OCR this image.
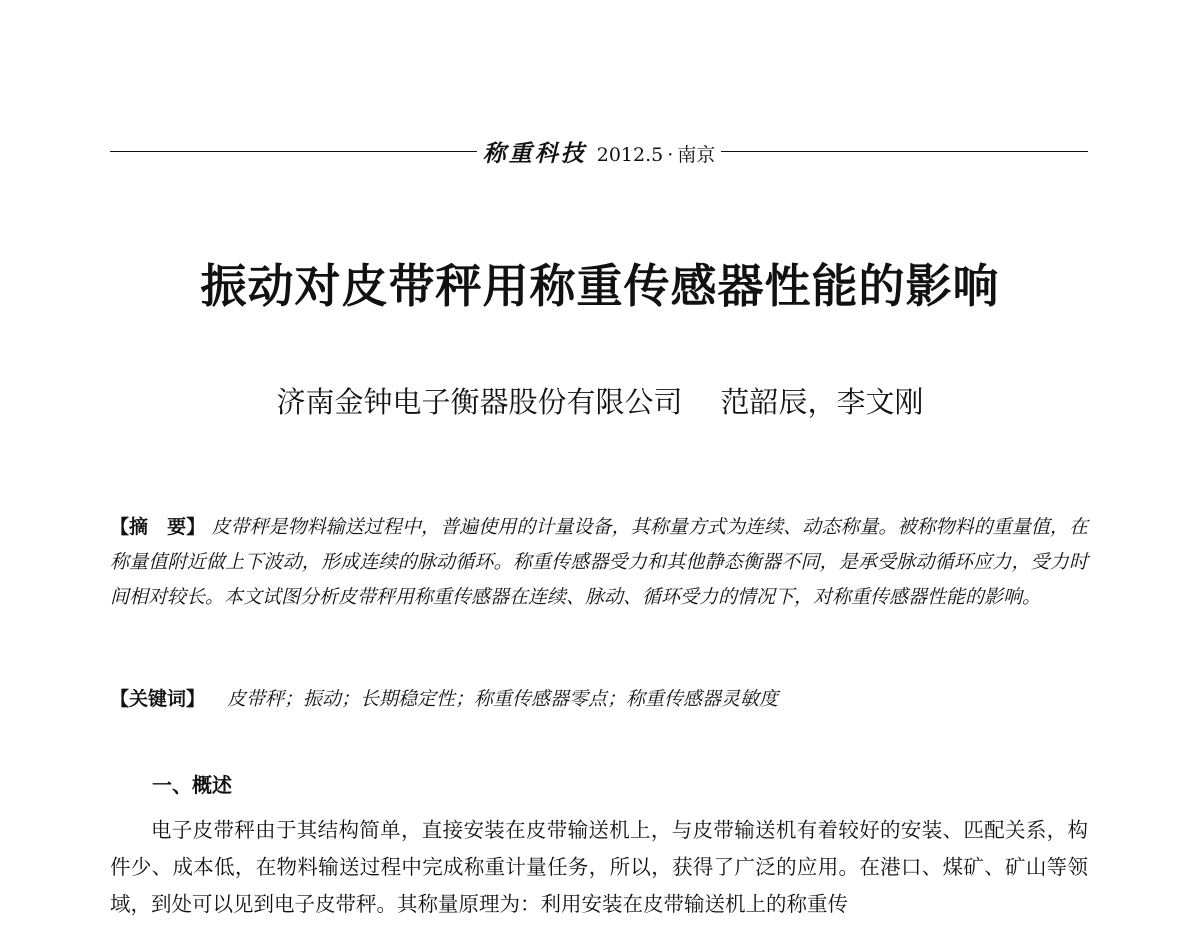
称重科技 2012.5 · 南京
振动对皮带秤用称重传感器性能的影响
济南金钟电子衡器股份有限公司 范韶辰，李文刚
【摘　要】 皮带秤是物料输送过程中，普遍使用的计量设备，其称量方式为连续、动态称量。被称物料的重量值，在称量值附近做上下波动，形成连续的脉动循环。称重传感器受力和其他静态衡器不同，是承受脉动循环应力，受力时间相对较长。本文试图分析皮带秤用称重传感器在连续、脉动、循环受力的情况下，对称重传感器性能的影响。
【关键词】 皮带秤；振动；长期稳定性；称重传感器零点；称重传感器灵敏度
一、概述

电子皮带秤由于其结构简单，直接安装在皮带输送机上，与皮带输送机有着较好的安装、匹配关系，构件少、成本低，在物料输送过程中完成称重计量任务，所以，获得了广泛的应用。在港口、煤矿、矿山等领域，到处可以见到电子皮带秤。其称量原理为：利用安装在皮带输送机上的称重传
